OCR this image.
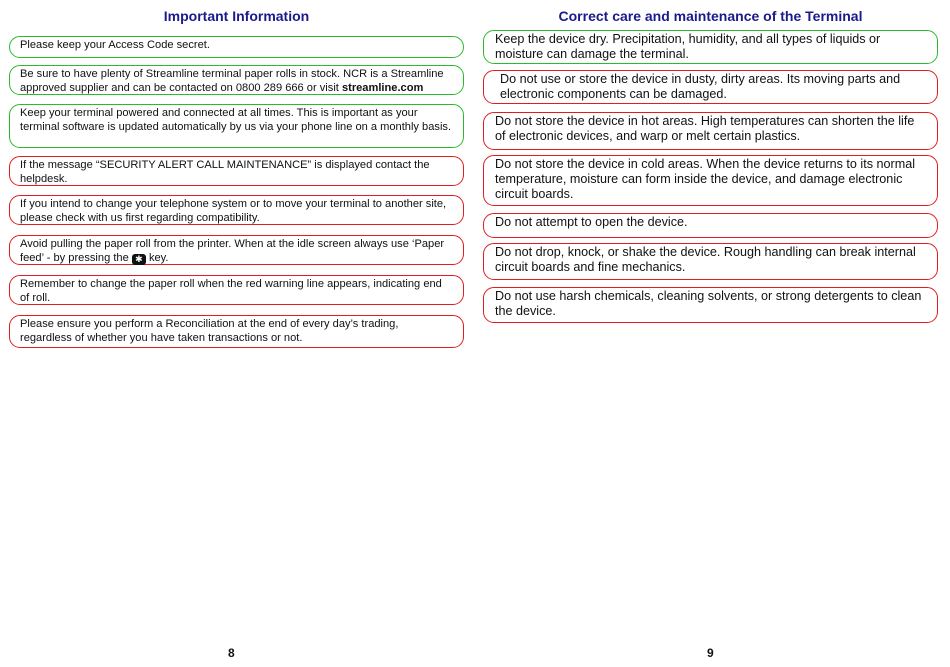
Important Information
Please keep your Access Code secret.
Be sure to have plenty of Streamline terminal paper rolls in stock. NCR is a Streamline approved supplier and can be contacted on 0800 289 666 or visit streamline.com
Keep your terminal powered and connected at all times. This is important as your terminal software is updated automatically by us via your phone line on a monthly basis.
If the message “SECURITY ALERT CALL MAINTENANCE” is displayed contact the helpdesk.
If you intend to change your telephone system or to move your terminal to another site, please check with us first regarding compatibility.
Avoid pulling the paper roll from the printer. When at the idle screen always use ‘Paper feed’ - by pressing the ✱ key.
Remember to change the paper roll when the red warning line appears, indicating end of roll.
Please ensure you perform a Reconciliation at the end of every day’s trading, regardless of whether you have taken transactions or not.
8
Correct care and maintenance of the Terminal
Keep the device dry. Precipitation, humidity, and all types of liquids or moisture can damage the terminal.
Do not use or store the device in dusty, dirty areas. Its moving parts and electronic components can be damaged.
Do not store the device in hot areas. High temperatures can shorten the life of electronic devices, and warp or melt certain plastics.
Do not store the device in cold areas. When the device returns to its normal temperature, moisture can form inside the device, and damage electronic circuit boards.
Do not attempt to open the device.
Do not drop, knock, or shake the device. Rough handling can break internal circuit boards and fine mechanics.
Do not use harsh chemicals, cleaning solvents, or strong detergents to clean the device.
9
